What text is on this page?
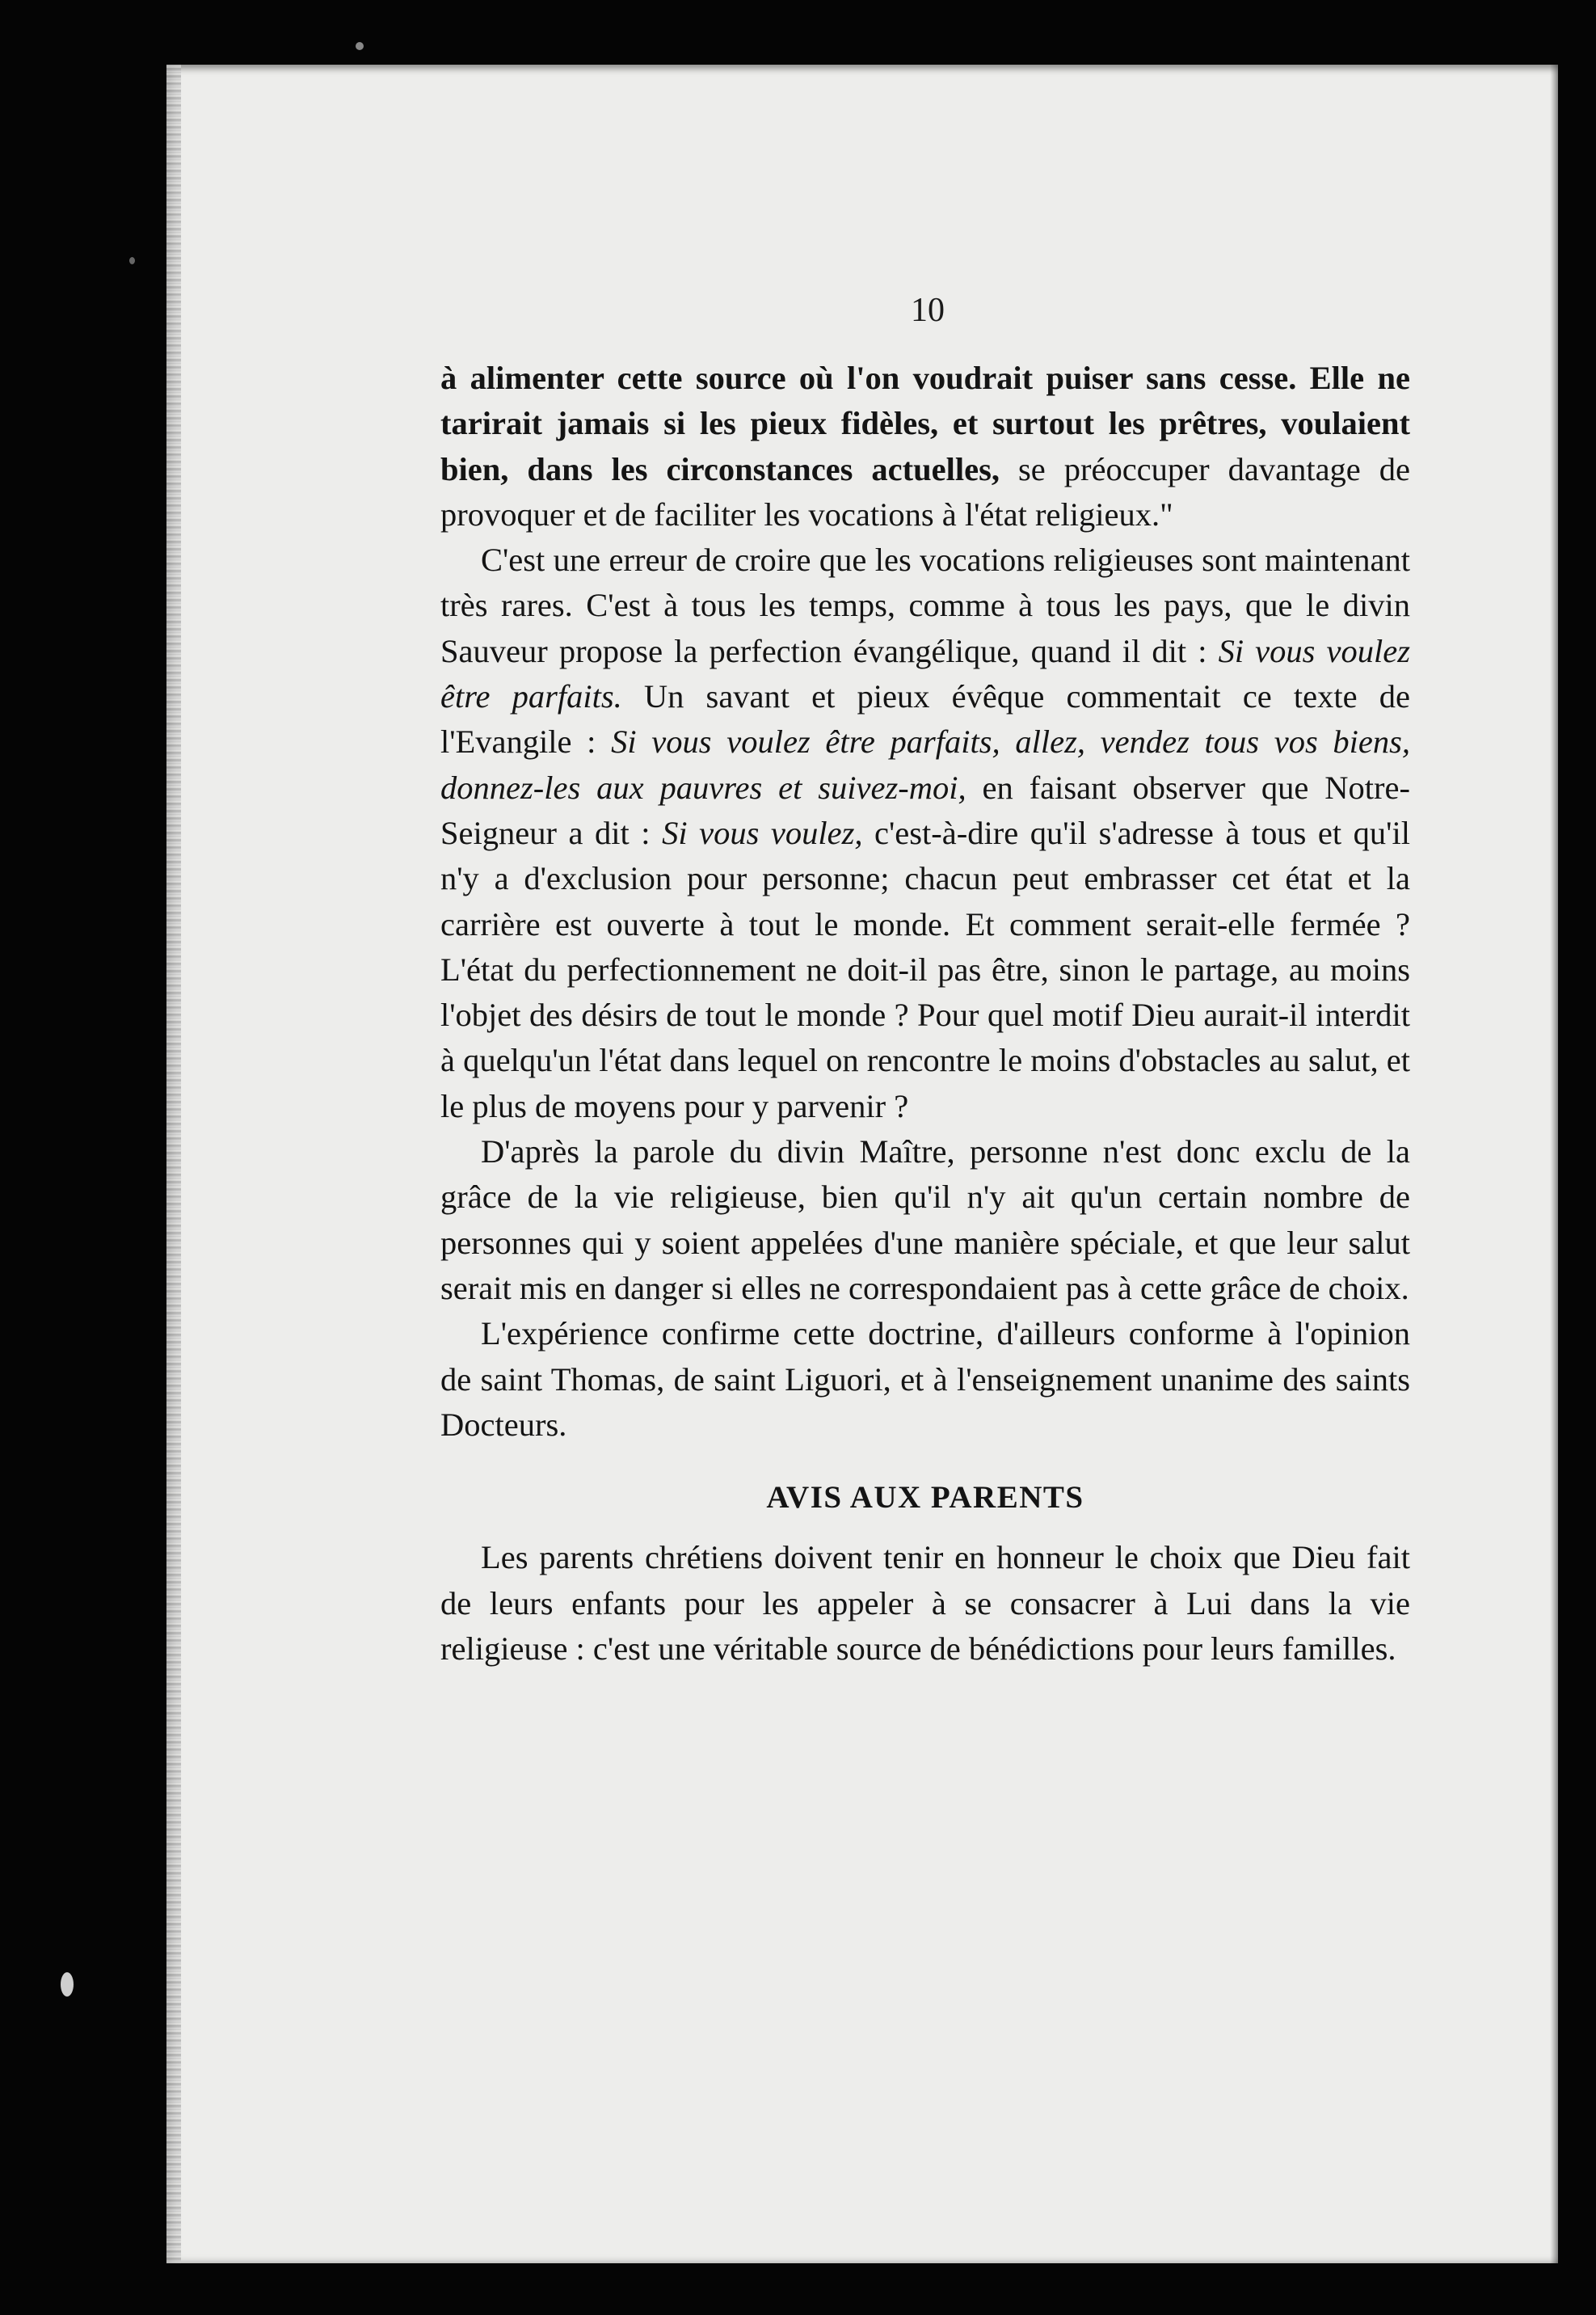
10

à alimenter cette source où l'on voudrait puiser sans cesse. Elle ne tarirait jamais si les pieux fidèles, et surtout les prêtres, voulaient bien, dans les circonstances actuelles, se préoccuper davantage de provoquer et de faciliter les vocations à l'état religieux."

C'est une erreur de croire que les vocations religieuses sont maintenant très rares. C'est à tous les temps, comme à tous les pays, que le divin Sauveur propose la perfection évangélique, quand il dit : Si vous voulez être parfaits. Un savant et pieux évêque commentait ce texte de l'Evangile : Si vous voulez être parfaits, allez, vendez tous vos biens, donnez-les aux pauvres et suivez-moi, en faisant observer que Notre-Seigneur a dit : Si vous voulez, c'est-à-dire qu'il s'adresse à tous et qu'il n'y a d'exclusion pour personne; chacun peut embrasser cet état et la carrière est ouverte à tout le monde. Et comment serait-elle fermée ? L'état du perfectionnement ne doit-il pas être, sinon le partage, au moins l'objet des désirs de tout le monde ? Pour quel motif Dieu aurait-il interdit à quelqu'un l'état dans lequel on rencontre le moins d'obstacles au salut, et le plus de moyens pour y parvenir ?

D'après la parole du divin Maître, personne n'est donc exclu de la grâce de la vie religieuse, bien qu'il n'y ait qu'un certain nombre de personnes qui y soient appelées d'une manière spéciale, et que leur salut serait mis en danger si elles ne correspondaient pas à cette grâce de choix.

L'expérience confirme cette doctrine, d'ailleurs conforme à l'opinion de saint Thomas, de saint Liguori, et à l'enseignement unanime des saints Docteurs.

AVIS AUX PARENTS

Les parents chrétiens doivent tenir en honneur le choix que Dieu fait de leurs enfants pour les appeler à se consacrer à Lui dans la vie religieuse : c'est une véritable source de bénédictions pour leurs familles.
